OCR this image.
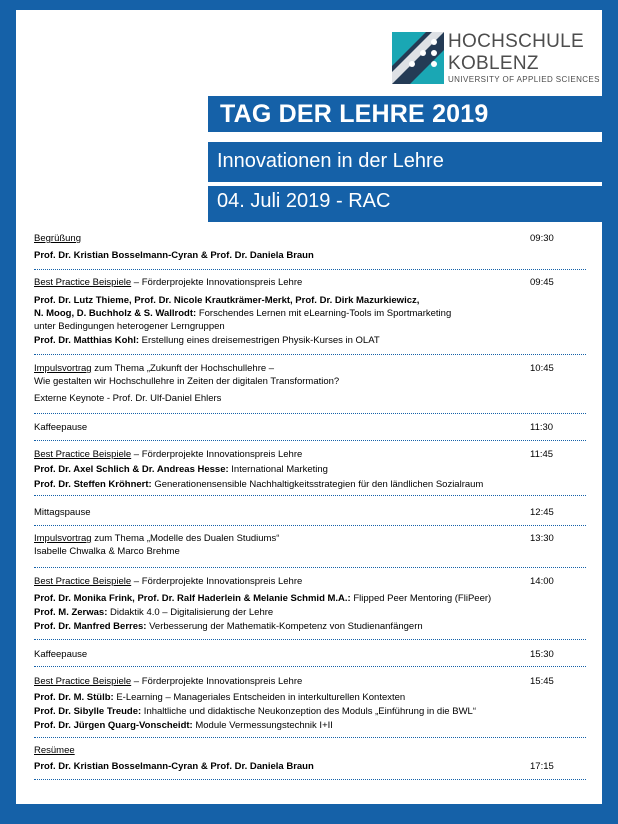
HOCHSCHULE
KOBLENZ
UNIVERSITY OF APPLIED SCIENCES
TAG DER LEHRE 2019
Innovationen in der Lehre
04. Juli 2019 - RAC
Begrüßung	09:30
Prof. Dr. Kristian Bosselmann-Cyran & Prof. Dr. Daniela Braun
Best Practice Beispiele – Förderprojekte Innovationspreis Lehre	09:45
Prof. Dr. Lutz Thieme, Prof. Dr. Nicole Krautkrämer-Merkt, Prof. Dr. Dirk Mazurkiewicz,
N. Moog, D. Buchholz & S. Wallrodt: Forschendes Lernen mit eLearning-Tools im Sportmarketing
unter Bedingungen heterogener Lerngruppen
Prof. Dr. Matthias Kohl: Erstellung eines dreisemestrigen Physik-Kurses in OLAT
Impulsvortrag zum Thema „Zukunft der Hochschullehre –	10:45
Wie gestalten wir Hochschullehre in Zeiten der digitalen Transformation?
Externe Keynote - Prof. Dr. Ulf-Daniel Ehlers
Kaffeepause	11:30
Best Practice Beispiele – Förderprojekte Innovationspreis Lehre	11:45
Prof. Dr. Axel Schlich & Dr. Andreas Hesse: International Marketing
Prof. Dr. Steffen Kröhnert: Generationensensible Nachhaltigkeitsstrategien für den ländlichen Sozialraum
Mittagspause	12:45
Impulsvortrag zum Thema „Modelle des Dualen Studiums“	13:30
Isabelle Chwalka & Marco Brehme
Best Practice Beispiele – Förderprojekte Innovationspreis Lehre	14:00
Prof. Dr. Monika Frink, Prof. Dr. Ralf Haderlein & Melanie Schmid M.A.: Flipped Peer Mentoring (FliPeer)
Prof. M. Zerwas: Didaktik 4.0 – Digitalisierung der Lehre
Prof. Dr. Manfred Berres: Verbesserung der Mathematik-Kompetenz von Studienanfängern
Kaffeepause	15:30
Best Practice Beispiele – Förderprojekte Innovationspreis Lehre	15:45
Prof. Dr. M. Stülb: E-Learning – Manageriales Entscheiden in interkulturellen Kontexten
Prof. Dr. Sibylle Treude: Inhaltliche und didaktische Neukonzeption des Moduls „Einführung in die BWL“
Prof. Dr. Jürgen Quarg-Vonscheidt: Module Vermessungstechnik I+II
Resümee
Prof. Dr. Kristian Bosselmann-Cyran & Prof. Dr. Daniela Braun	17:15
